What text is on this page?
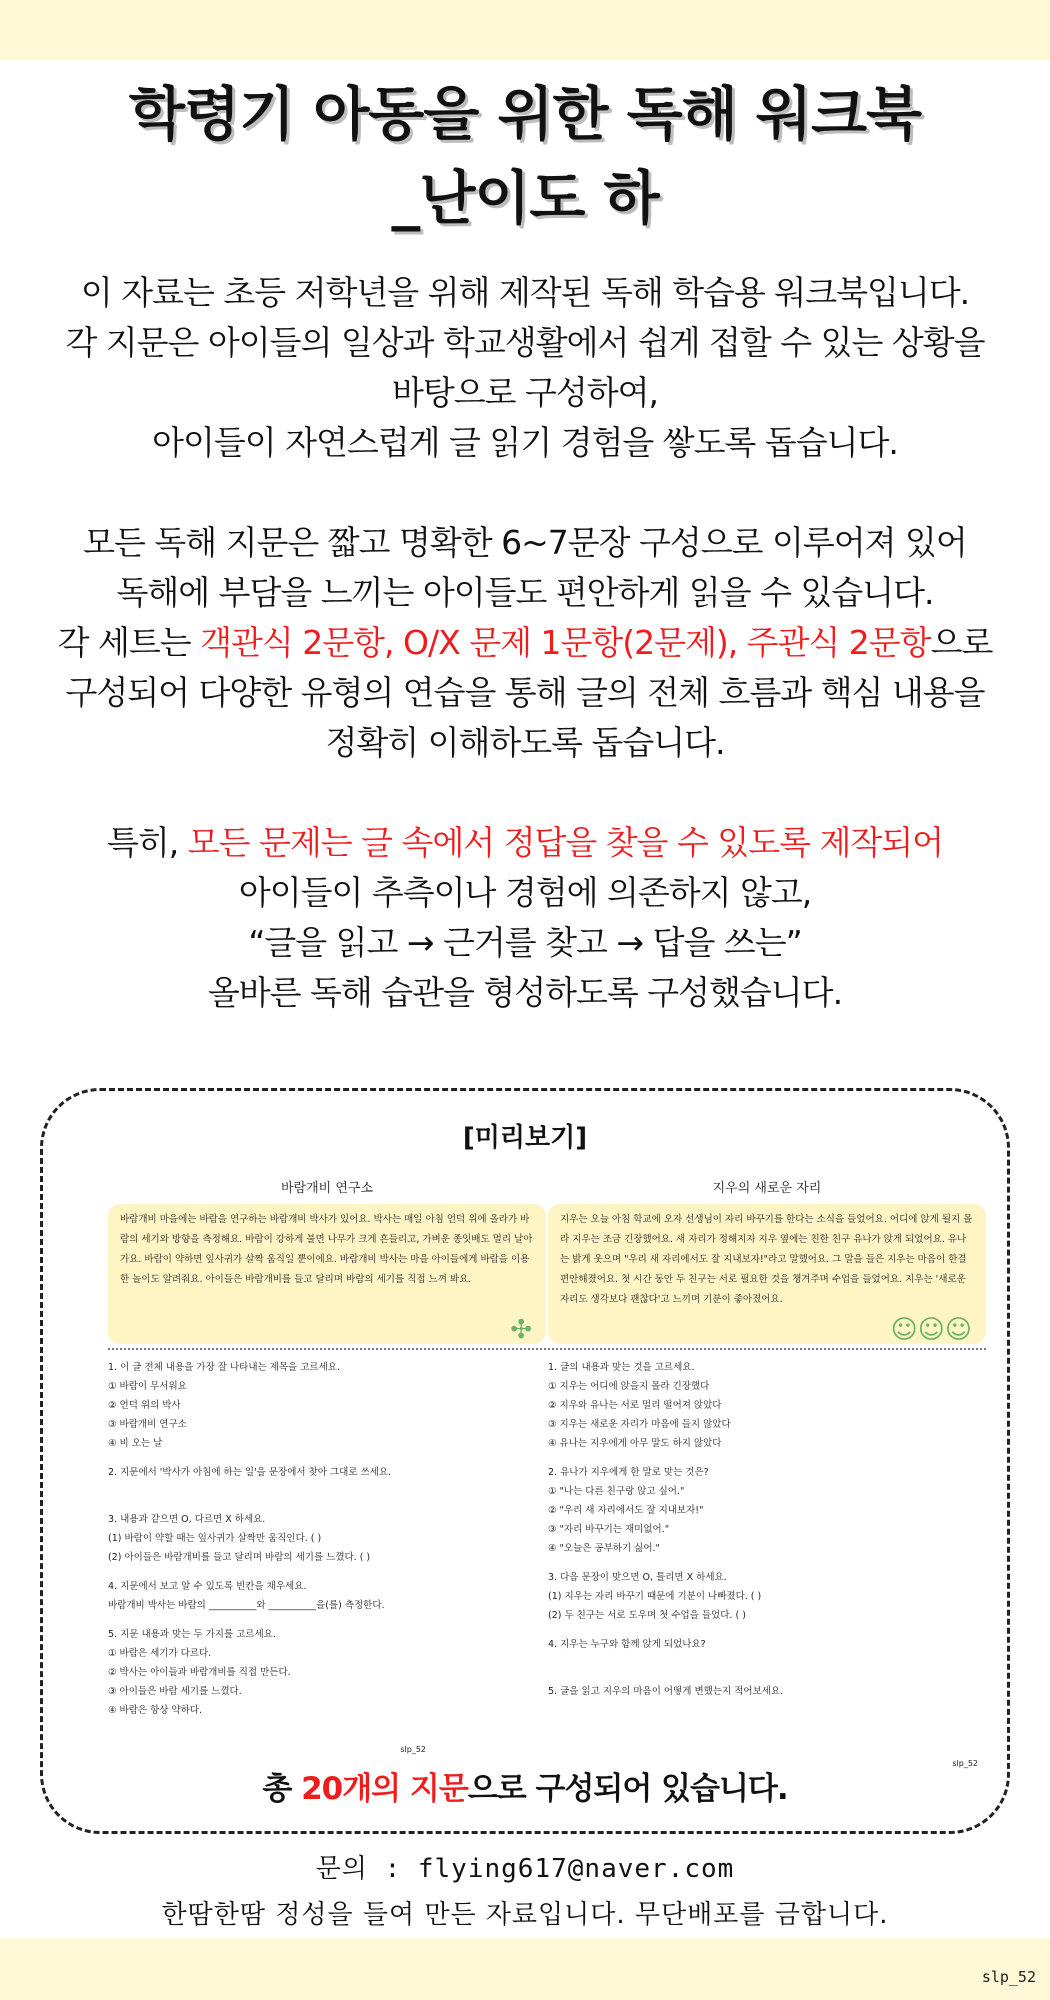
학령기 아동을 위한 독해 워크북
_난이도 하

이 자료는 초등 저학년을 위해 제작된 독해 학습용 워크북입니다.

각 지문은 아이들의 일상과 학교생활에서 쉽게 접할 수 있는 상황을

바탕으로 구성하여,

아이들이 자연스럽게 글 읽기 경험을 쌓도록 돕습니다.

모든 독해 지문은 짧고 명확한 6~7문장 구성으로 이루어져 있어

독해에 부담을 느끼는 아이들도 편안하게 읽을 수 있습니다.

각 세트는 객관식 2문항, O/X 문제 1문항(2문제), 주관식 2문항으로

구성되어 다양한 유형의 연습을 통해 글의 전체 흐름과 핵심 내용을

정확히 이해하도록 돕습니다.

특히, 모든 문제는 글 속에서 정답을 찾을 수 있도록 제작되어

아이들이 추측이나 경험에 의존하지 않고,

“글을 읽고 → 근거를 찾고 → 답을 쓰는”

올바른 독해 습관을 형성하도록 구성했습니다.

[미리보기]
바람개비 연구소
바람개비 마을에는 바람을 연구하는 바람개비 박사가 있어요. 박사는 매일 아침 언덕 위에 올라가 바람의 세기와 방향을 측정해요. 바람이 강하게 불면 나무가 크게 흔들리고, 가벼운 종잇배도 멀리 날아가요. 바람이 약하면 잎사귀가 살짝 움직일 뿐이에요. 바람개비 박사는 마을 아이들에게 바람을 이용한 놀이도 알려줘요. 아이들은 바람개비를 들고 달리며 바람의 세기를 직접 느껴 봐요.
✣

1. 이 글 전체 내용을 가장 잘 나타내는 제목을 고르세요.

① 바람이 무서워요

② 언덕 위의 박사

③ 바람개비 연구소

④ 비 오는 날

2. 지문에서 '박사가 아침에 하는 일'을 문장에서 찾아 그대로 쓰세요.

3. 내용과 같으면 O, 다르면 X 하세요.

(1) 바람이 약할 때는 잎사귀가 살짝만 움직인다. ( )

(2) 아이들은 바람개비를 들고 달리며 바람의 세기를 느꼈다. ( )

4. 지문에서 보고 알 수 있도록 빈칸을 채우세요.

바람개비 박사는 바람의 __________와 __________을(를) 측정한다.

5. 지문 내용과 맞는 두 가지를 고르세요.

① 바람은 세기가 다르다.

② 박사는 아이들과 바람개비를 직접 만든다.

③ 아이들은 바람 세기를 느꼈다.

④ 바람은 항상 약하다.

slp_52
지우의 새로운 자리
지우는 오늘 아침 학교에 오자 선생님이 자리 바꾸기를 한다는 소식을 들었어요. 어디에 앉게 될지 몰라 지우는 조금 긴장했어요. 새 자리가 정해지자 지우 옆에는 친한 친구 유나가 앉게 되었어요. 유나는 밝게 웃으며 "우리 새 자리에서도 잘 지내보자!"라고 말했어요. 그 말을 들은 지우는 마음이 한결 편안해졌어요. 첫 시간 동안 두 친구는 서로 필요한 것을 챙겨주며 수업을 들었어요. 지우는 '새로운 자리도 생각보다 괜찮다'고 느끼며 기분이 좋아졌어요.
☺☺☺

1. 글의 내용과 맞는 것을 고르세요.

① 지우는 어디에 앉을지 몰라 긴장했다

② 지우와 유나는 서로 멀리 떨어져 앉았다

③ 지우는 새로운 자리가 마음에 들지 않았다

④ 유나는 지우에게 아무 말도 하지 않았다

2. 유나가 지우에게 한 말로 맞는 것은?

① "나는 다른 친구랑 앉고 싶어."

② "우리 새 자리에서도 잘 지내보자!"

③ "자리 바꾸기는 재미없어."

④ "오늘은 공부하기 싫어."

3. 다음 문장이 맞으면 O, 틀리면 X 하세요.

(1) 지우는 자리 바꾸기 때문에 기분이 나빠졌다. ( )

(2) 두 친구는 서로 도우며 첫 수업을 들었다. ( )

4. 지우는 누구와 함께 앉게 되었나요?

5. 글을 읽고 지우의 마음이 어떻게 변했는지 적어보세요.

slp_52
총 20개의 지문으로 구성되어 있습니다.
문의 : flying617@naver.com
한땀한땀 정성을 들여 만든 자료입니다. 무단배포를 금합니다.
slp_52
